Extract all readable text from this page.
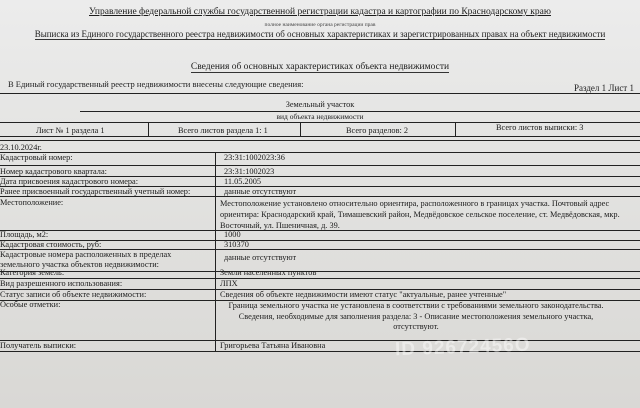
Управление федеральной службы государственной регистрации кадастра и картографии по Краснодарскому краю
полное наименование органа регистрации прав
Выписка из Единого государственного реестра недвижимости об основных характеристиках и зарегистрированных правах на объект недвижимости
Сведения об основных характеристиках объекта недвижимости
В Единый государственный реестр недвижимости внесены следующие сведения:	Раздел 1 Лист 1
Земельный участок
вид объекта недвижимости
Лист № 1 раздела 1	Всего листов раздела 1: 1	Всего разделов: 2	Всего листов выписки: 3
23.10.2024г.
Кадастровый номер:	23:31:1002023:36
Номер кадастрового квартала:	23:31:1002023
Дата присвоения кадастрового номера:	11.05.2005
Ранее присвоенный государственный учетный номер:	данные отсутствуют
Местоположение:	Местоположение установлено относительно ориентира, расположенного в границах участка. Почтовый адрес ориентира: Краснодарский край, Тимашевский район, Медвёдовское сельское поселение, ст. Медвёдовская, мкр. Восточный, ул. Пшеничная, д. 39.
Площадь, м2:	1000
Кадастровая стоимость, руб:	310370
Кадастровые номера расположенных в пределах земельного участка объектов недвижимости:
данные отсутствуют
Категория земель:	Земли населенных пунктов
Вид разрешенного использования:	ЛПХ
Статус записи об объекте недвижимости:	Сведения об объекте недвижимости имеют статус "актуальные, ранее учтенные"
Особые отметки:	Граница земельного участка не установлена в соответствии с требованиями земельного законодательства. Сведения, необходимые для заполнения раздела: 3 - Описание местоположения земельного участка, отсутствуют.
Получатель выписки:	Григорьева Татьяна Ивановна	ID 92672456О
